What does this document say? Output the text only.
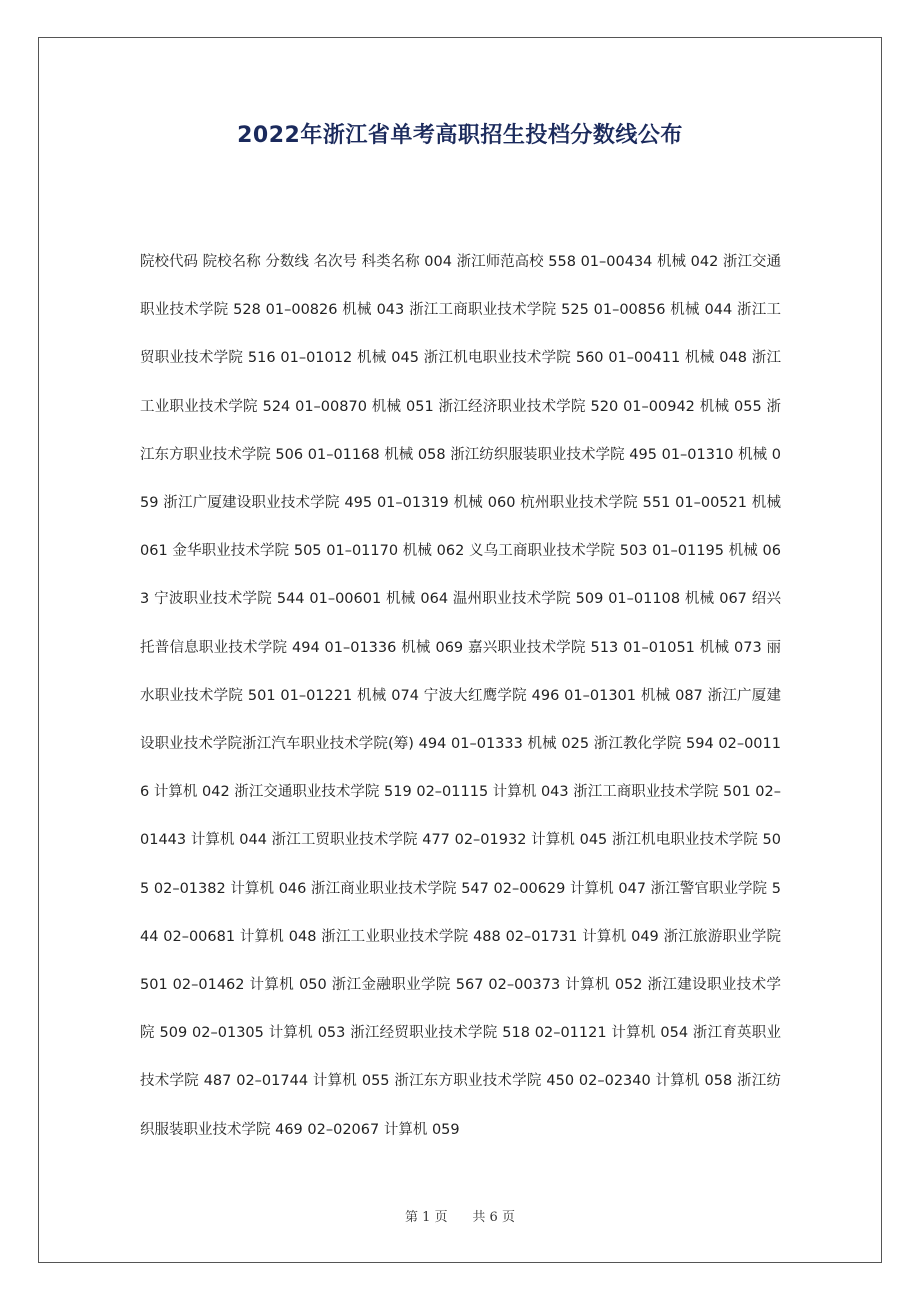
2022年浙江省单考高职招生投档分数线公布

院校代码 院校名称 分数线 名次号 科类名称 004 浙江师范高校 558 01–00434 机械 042 浙江交通职业技术学院 528 01–00826 机械 043 浙江工商职业技术学院 525 01–00856 机械 044 浙江工贸职业技术学院 516 01–01012 机械 045 浙江机电职业技术学院 560 01–00411 机械 048 浙江工业职业技术学院 524 01–00870 机械 051 浙江经济职业技术学院 520 01–00942 机械 055 浙江东方职业技术学院 506 01–01168 机械 058 浙江纺织服装职业技术学院 495 01–01310 机械 059 浙江广厦建设职业技术学院 495 01–01319 机械 060 杭州职业技术学院 551 01–00521 机械 061 金华职业技术学院 505 01–01170 机械 062 义乌工商职业技术学院 503 01–01195 机械 063 宁波职业技术学院 544 01–00601 机械 064 温州职业技术学院 509 01–01108 机械 067 绍兴托普信息职业技术学院 494 01–01336 机械 069 嘉兴职业技术学院 513 01–01051 机械 073 丽水职业技术学院 501 01–01221 机械 074 宁波大红鹰学院 496 01–01301 机械 087 浙江广厦建设职业技术学院浙江汽车职业技术学院(筹) 494 01–01333 机械 025 浙江教化学院 594 02–00116 计算机 042 浙江交通职业技术学院 519 02–01115 计算机 043 浙江工商职业技术学院 501 02–01443 计算机 044 浙江工贸职业技术学院 477 02–01932 计算机 045 浙江机电职业技术学院 505 02–01382 计算机 046 浙江商业职业技术学院 547 02–00629 计算机 047 浙江警官职业学院 544 02–00681 计算机 048 浙江工业职业技术学院 488 02–01731 计算机 049 浙江旅游职业学院 501 02–01462 计算机 050 浙江金融职业学院 567 02–00373 计算机 052 浙江建设职业技术学院 509 02–01305 计算机 053 浙江经贸职业技术学院 518 02–01121 计算机 054 浙江育英职业技术学院 487 02–01744 计算机 055 浙江东方职业技术学院 450 02–02340 计算机 058 浙江纺织服装职业技术学院 469 02–02067 计算机 059

第 1 页 共 6 页
